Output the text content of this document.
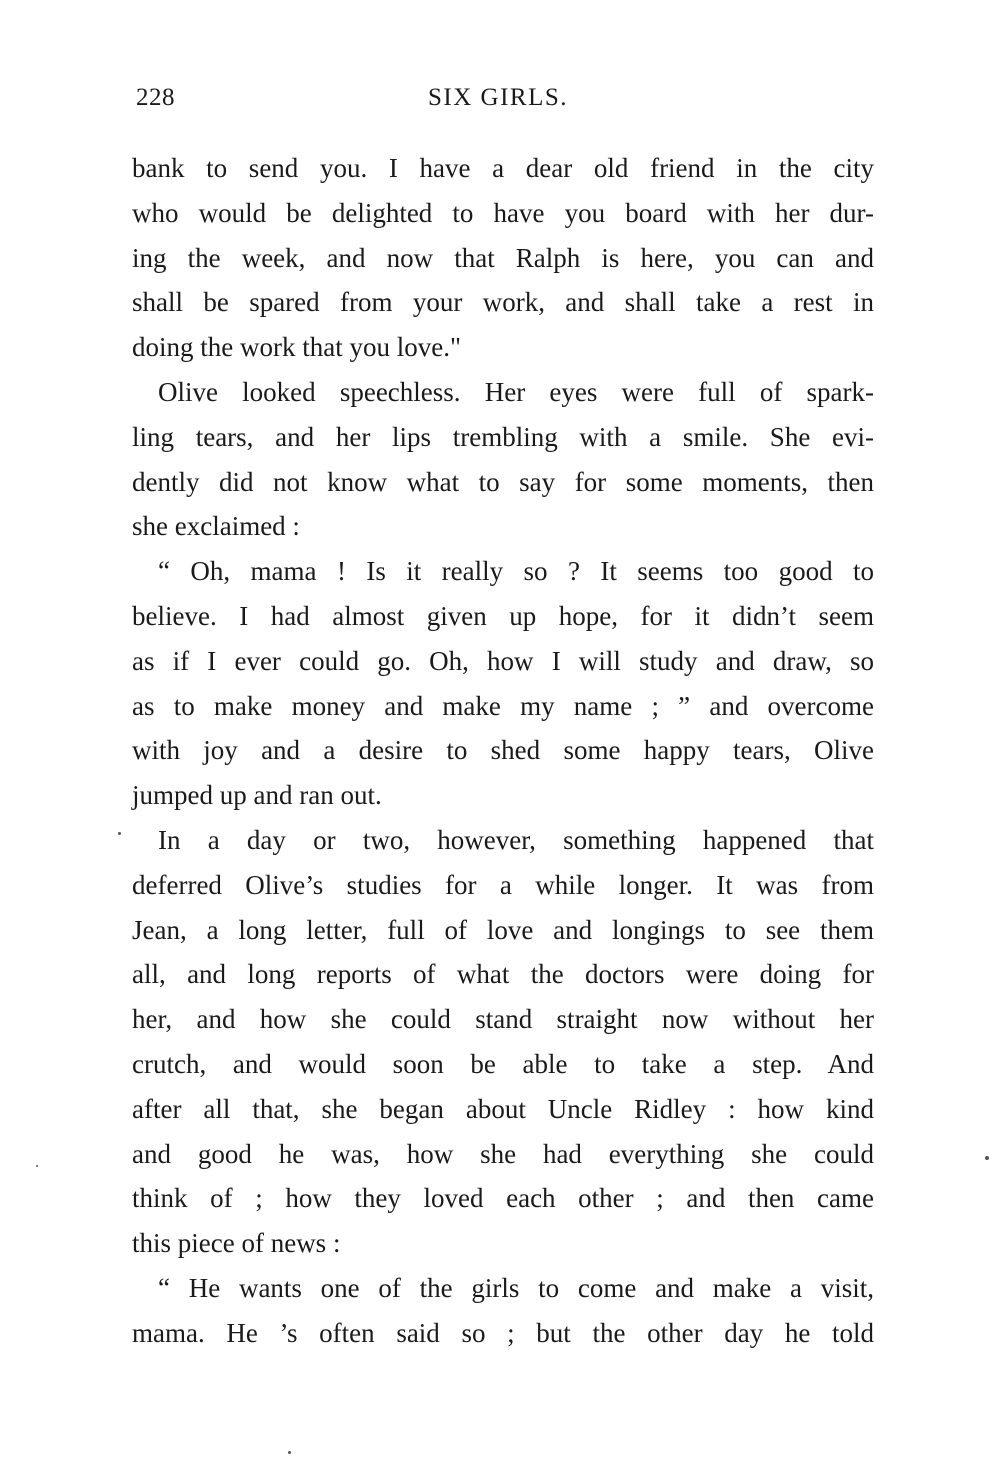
228	SIX GIRLS.
bank to send you. I have a dear old friend in the city
who would be delighted to have you board with her dur-
ing the week, and now that Ralph is here, you can and
shall be spared from your work, and shall take a rest in
doing the work that you love."
Olive looked speechless. Her eyes were full of spark-
ling tears, and her lips trembling with a smile. She evi-
dently did not know what to say for some moments, then
she exclaimed :
“ Oh, mama ! Is it really so ? It seems too good to
believe. I had almost given up hope, for it didn’t seem
as if I ever could go. Oh, how I will study and draw, so
as to make money and make my name ; ” and overcome
with joy and a desire to shed some happy tears, Olive
jumped up and ran out.
In a day or two, however, something happened that
deferred Olive’s studies for a while longer. It was from
Jean, a long letter, full of love and longings to see them
all, and long reports of what the doctors were doing for
her, and how she could stand straight now without her
crutch, and would soon be able to take a step. And
after all that, she began about Uncle Ridley : how kind
and good he was, how she had everything she could
think of ; how they loved each other ; and then came
this piece of news :
“ He wants one of the girls to come and make a visit,
mama. He ’s often said so ; but the other day he told
